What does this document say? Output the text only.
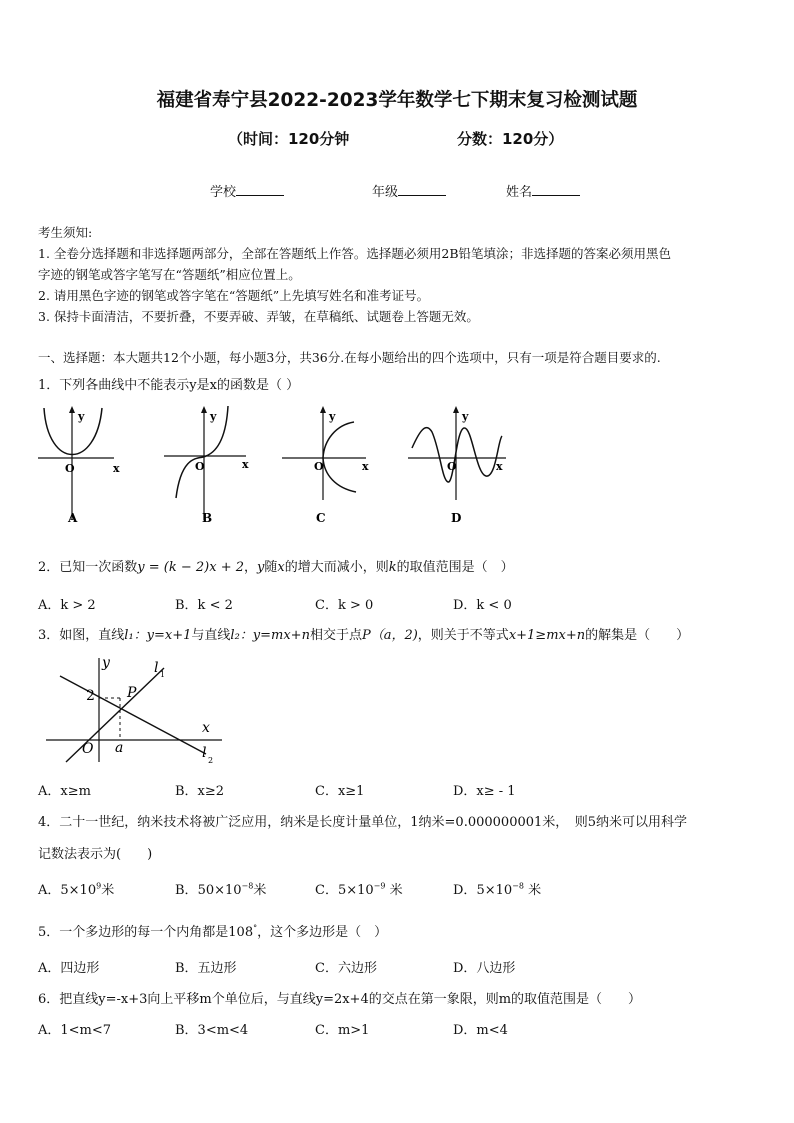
福建省寿宁县2022-2023学年数学七下期末复习检测试题
（时间：120分钟	分数：120分）
学校	年级	姓名
考生须知:
1. 全卷分选择题和非选择题两部分，全部在答题纸上作答。选择题必须用2B铅笔填涂；非选择题的答案必须用黑色
字迹的钢笔或答字笔写在“答题纸”相应位置上。
2. 请用黑色字迹的钢笔或答字笔在“答题纸”上先填写姓名和准考证号。
3. 保持卡面清洁，不要折叠，不要弄破、弄皱，在草稿纸、试题卷上答题无效。
一、选择题：本大题共12个小题，每小题3分，共36分.在每小题给出的四个选项中，只有一项是符合题目要求的.
1．下列各曲线中不能表示y是x的函数是（ ）
y
x
O
A
y
x
O
B
y
x
O
C
y
x
O
D
2．已知一次函数y = (k − 2)x + 2，y随x的增大而减小，则k的取值范围是（　）
A．k > 2	B．k < 2	C．k > 0	D．k < 0
3．如图，直线l₁：y=x+1与直线l₂：y=mx+n相交于点P（a，2)，则关于不等式x+1≥mx+n的解集是（　　）
y
x
O a
2 P
l 1
l 2
A．x≥m	B．x≥2	C．x≥1	D．x≥ - 1
4．二十一世纪，纳米技术将被广泛应用，纳米是长度计量单位，1纳米=0.000000001米，　则5纳米可以用科学
记数法表示为(　　)
A．$5\times 10^9$米	B．$50\times 10^{-8}$米	C．$5\times 10^{-9}$ 米	D．$5\times 10^{-8}$ 米
5．一个多边形的每一个内角都是108°，这个多边形是（　）
A．四边形	B．五边形	C．六边形	D．八边形
6．把直线y=-x+3向上平移m个单位后，与直线y=2x+4的交点在第一象限，则m的取值范围是（　　）
A．1<m<7	B．3<m<4	C．m>1	D．m<4
